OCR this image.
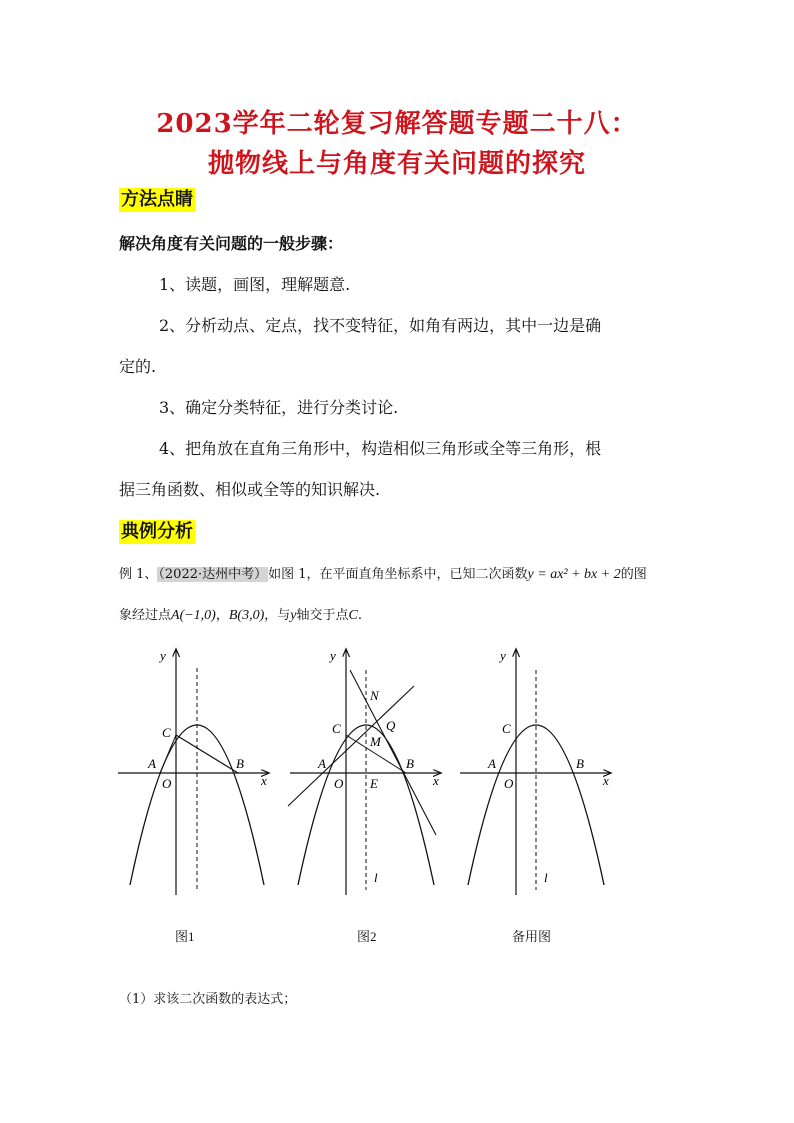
2023学年二轮复习解答题专题二十八：
抛物线上与角度有关问题的探究
方法点睛
解决角度有关问题的一般步骤：
1、读题，画图，理解题意.
2、分析动点、定点，找不变特征，如角有两边，其中一边是确
定的.
3、确定分类特征，进行分类讨论.
4、把角放在直角三角形中，构造相似三角形或全等三角形，根
据三角函数、相似或全等的知识解决.
典例分析
例 1、（2022·达州中考）如图 1，在平面直角坐标系中，已知二次函数y = ax² + bx + 2的图
象经过点A(−1,0)，B(3,0)，与y轴交于点C.
y
x
C
A
O
B
y
x
N
C	Q
M
A	B
O E
l
y
x
C
A
O
B
l
图1	图2	备用图
（1）求该二次函数的表达式；
